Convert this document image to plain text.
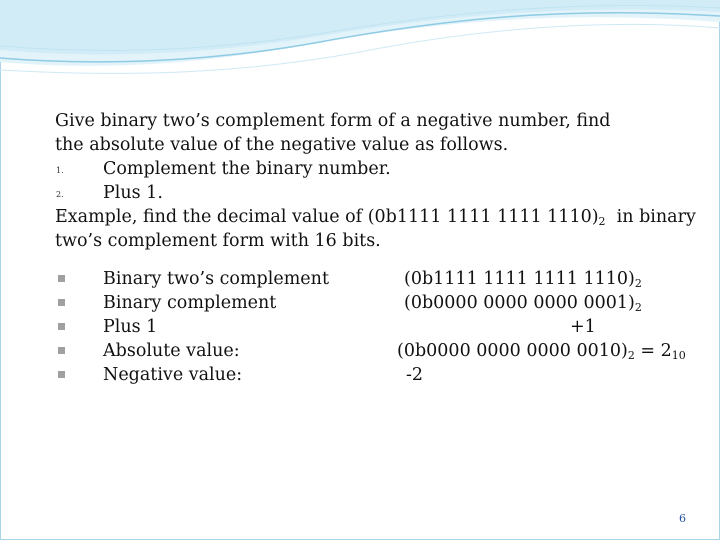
Give binary two’s complement form of a negative number, find
the absolute value of the negative value as follows.
1. Complement the binary number.
2. Plus 1.
Example, find the decimal value of (0b1111 1111 1111 $1110)_2$  in binary
two’s complement form with 16 bits.
Binary two’s complement	(0b1111 1111 1111 $1110)_2$
Binary complement	(0b0000 0000 0000 $0001)_2$
Plus 1	+1
Absolute value:	(0b0000 0000 0000 $0010)_2 = 2_{10}$
Negative value:	-2
6
